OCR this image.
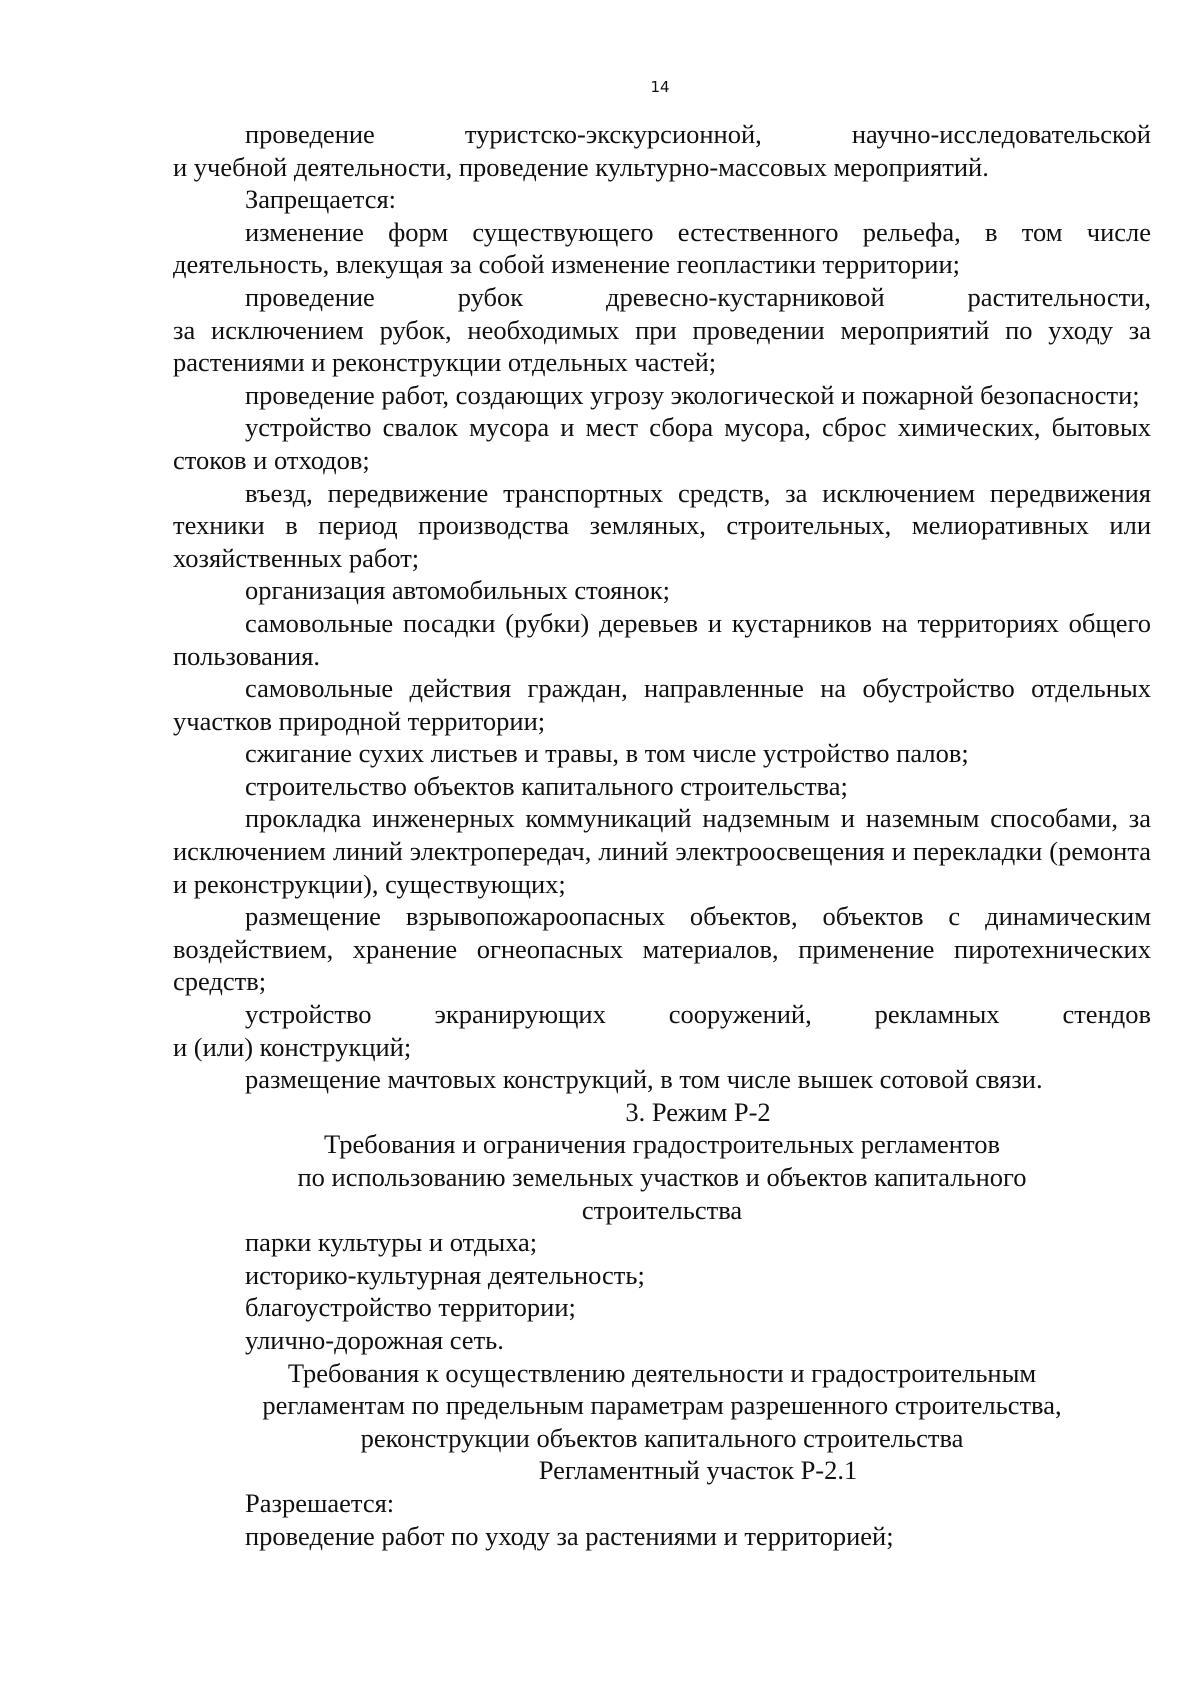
14

проведение туристско-экскурсионной, научно-исследовательской

и учебной деятельности, проведение культурно-массовых мероприятий.

Запрещается:

изменение форм существующего естественного рельефа, в том числе деятельность, влекущая за собой изменение геопластики территории;

проведение рубок древесно-кустарниковой растительности,

за исключением рубок, необходимых при проведении мероприятий по уходу за растениями и реконструкции отдельных частей;

проведение работ, создающих угрозу экологической и пожарной безопасности;

устройство свалок мусора и мест сбора мусора, сброс химических, бытовых стоков и отходов;

въезд, передвижение транспортных средств, за исключением передвижения техники в период производства земляных, строительных, мелиоративных или хозяйственных работ;

организация автомобильных стоянок;

самовольные посадки (рубки) деревьев и кустарников на территориях общего пользования.

самовольные действия граждан, направленные на обустройство отдельных участков природной территории;

сжигание сухих листьев и травы, в том числе устройство палов;

строительство объектов капитального строительства;

прокладка инженерных коммуникаций надземным и наземным способами, за исключением линий электропередач, линий электроосвещения и перекладки (ремонта и реконструкции), существующих;

размещение взрывопожароопасных объектов, объектов с динамическим воздействием, хранение огнеопасных материалов, применение пиротехнических средств;

устройство экранирующих сооружений, рекламных стендов

и (или) конструкций;

размещение мачтовых конструкций, в том числе вышек сотовой связи.

3. Режим Р-2

Требования и ограничения градостроительных регламентов

по использованию земельных участков и объектов капитального

строительства

парки культуры и отдыха;

историко-культурная деятельность;

благоустройство территории;

улично-дорожная сеть.

Требования к осуществлению деятельности и градостроительным

регламентам по предельным параметрам разрешенного строительства,

реконструкции объектов капитального строительства

Регламентный участок Р-2.1

Разрешается:

проведение работ по уходу за растениями и территорией;
